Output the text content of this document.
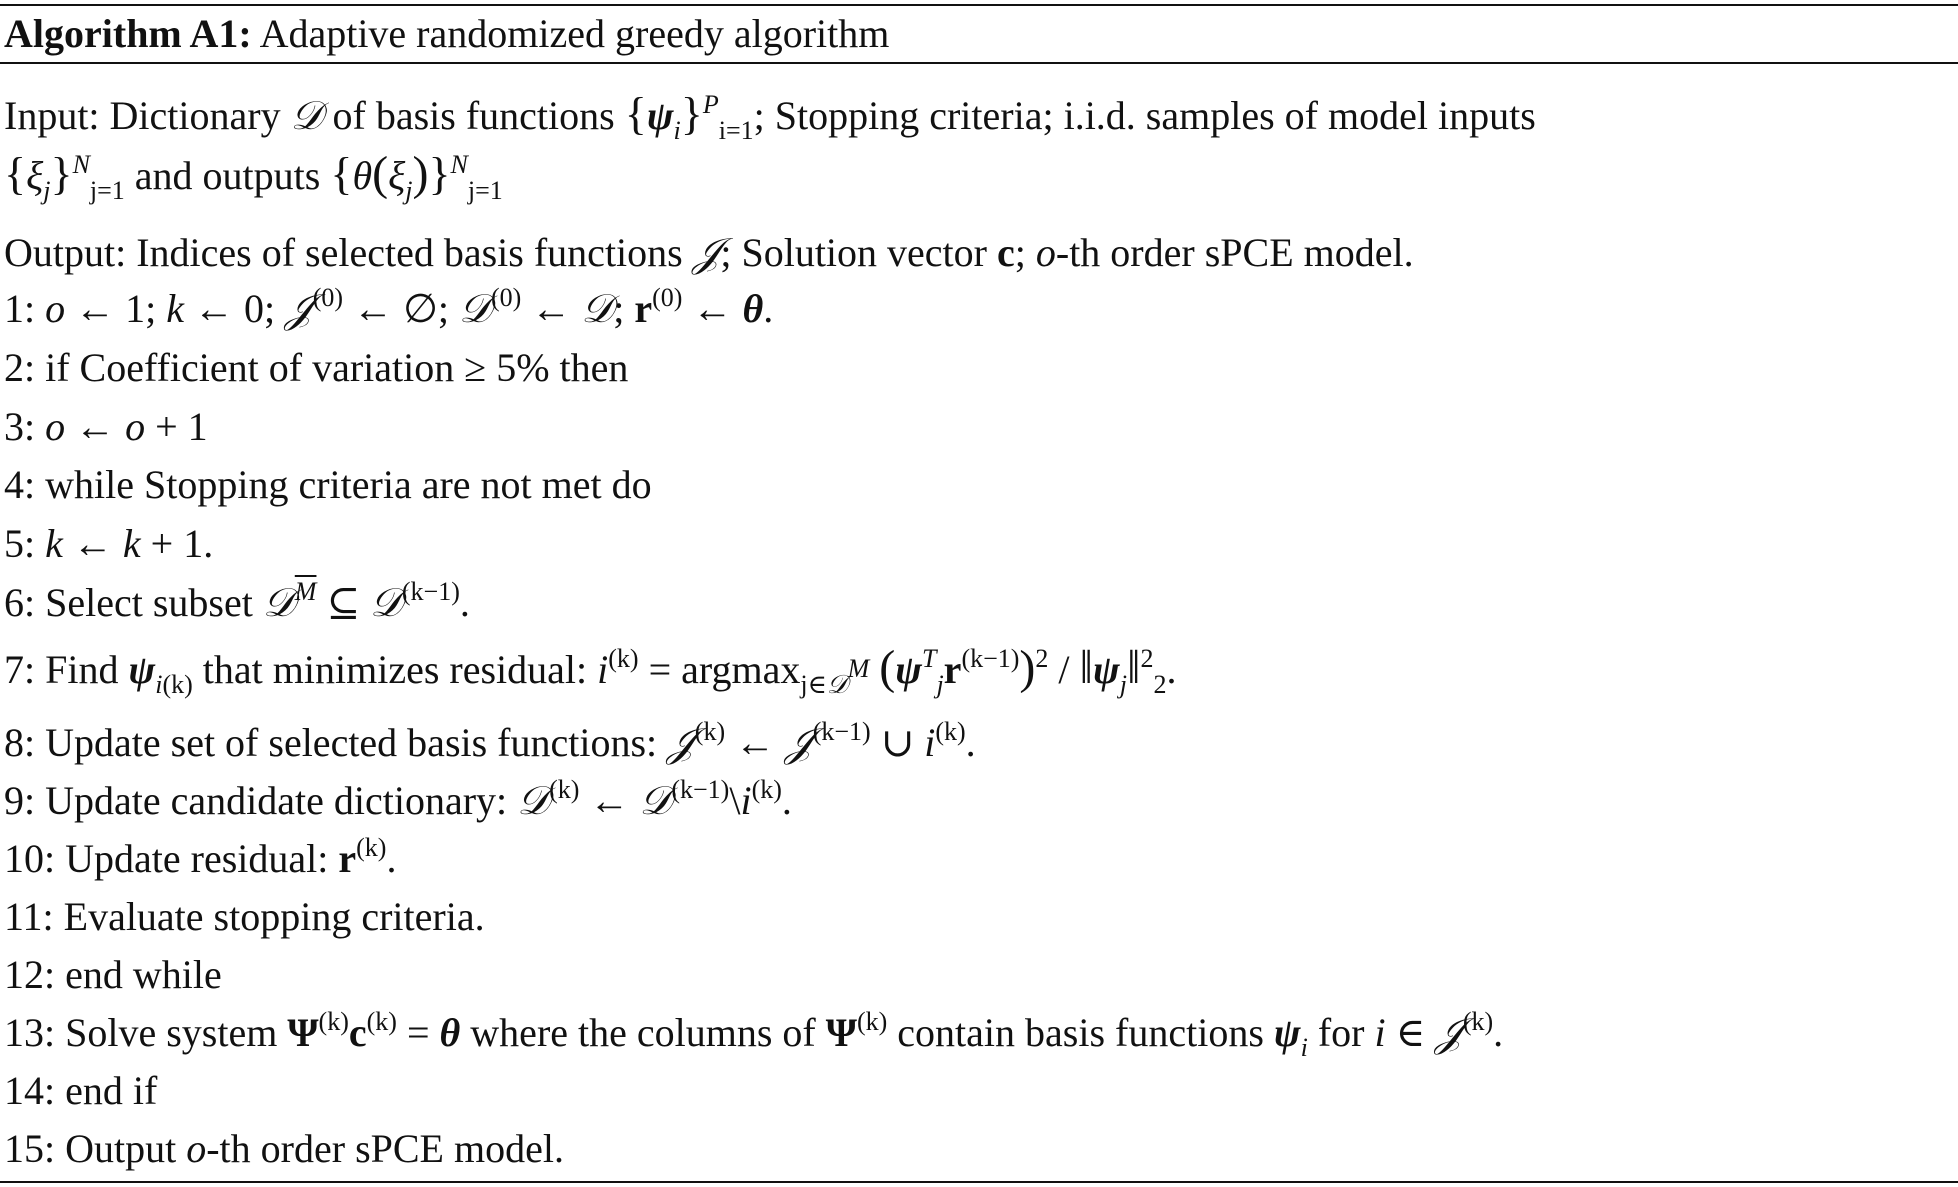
Algorithm A1: Adaptive randomized greedy algorithm
Input: Dictionary 𝒟 of basis functions $\{\psi_i\}^P_{i=1}$; Stopping criteria; i.i.d. samples of model inputs
$\{\xi_j\}^N_{j=1}$ and outputs $\{\theta(\xi_j)\}^N_{j=1}$
Output: Indices of selected basis functions 𝒥; Solution vector c; o-th order sPCE model.
1: o ← 1; k ← 0; 𝒥$^{(0)}$ ← ∅; 𝒟$^{(0)}$ ← 𝒟; $r^{(0)}$ ← θ.
2: if Coefficient of variation ≥ 5% then
3: o ← o + 1
4: while Stopping criteria are not met do
5: k ← k + 1.
6: Select subset 𝒟$^{\overline{M}}$ ⊆ 𝒟$^{(k-1)}$.
7: Find $\psi_{i(k)}$ that minimizes residual: $i^{(k)} = argmax_{j\in 𝒟^M}$ $(\psi^T_jr^{(k-1)})^2$ / $‖\psi_j‖^2_2$.
8: Update set of selected basis functions: 𝒥$^{(k)}$ ← 𝒥$^{(k-1)}$ ∪ $i^{(k)}$.
9: Update candidate dictionary: 𝒟$^{(k)}$ ← $𝒟^{(k-1)}\backslash i^{(k)}$.
10: Update residual: $r^{(k)}$.
11: Evaluate stopping criteria.
12: end while
13: Solve system $\Psi^{(k)}c^{(k)} = \theta$ where the columns of $\Psi^{(k)}$ contain basis functions $\psi_i$ for i ∈ 𝒥$^{(k)}$.
14: end if
15: Output o-th order sPCE model.
